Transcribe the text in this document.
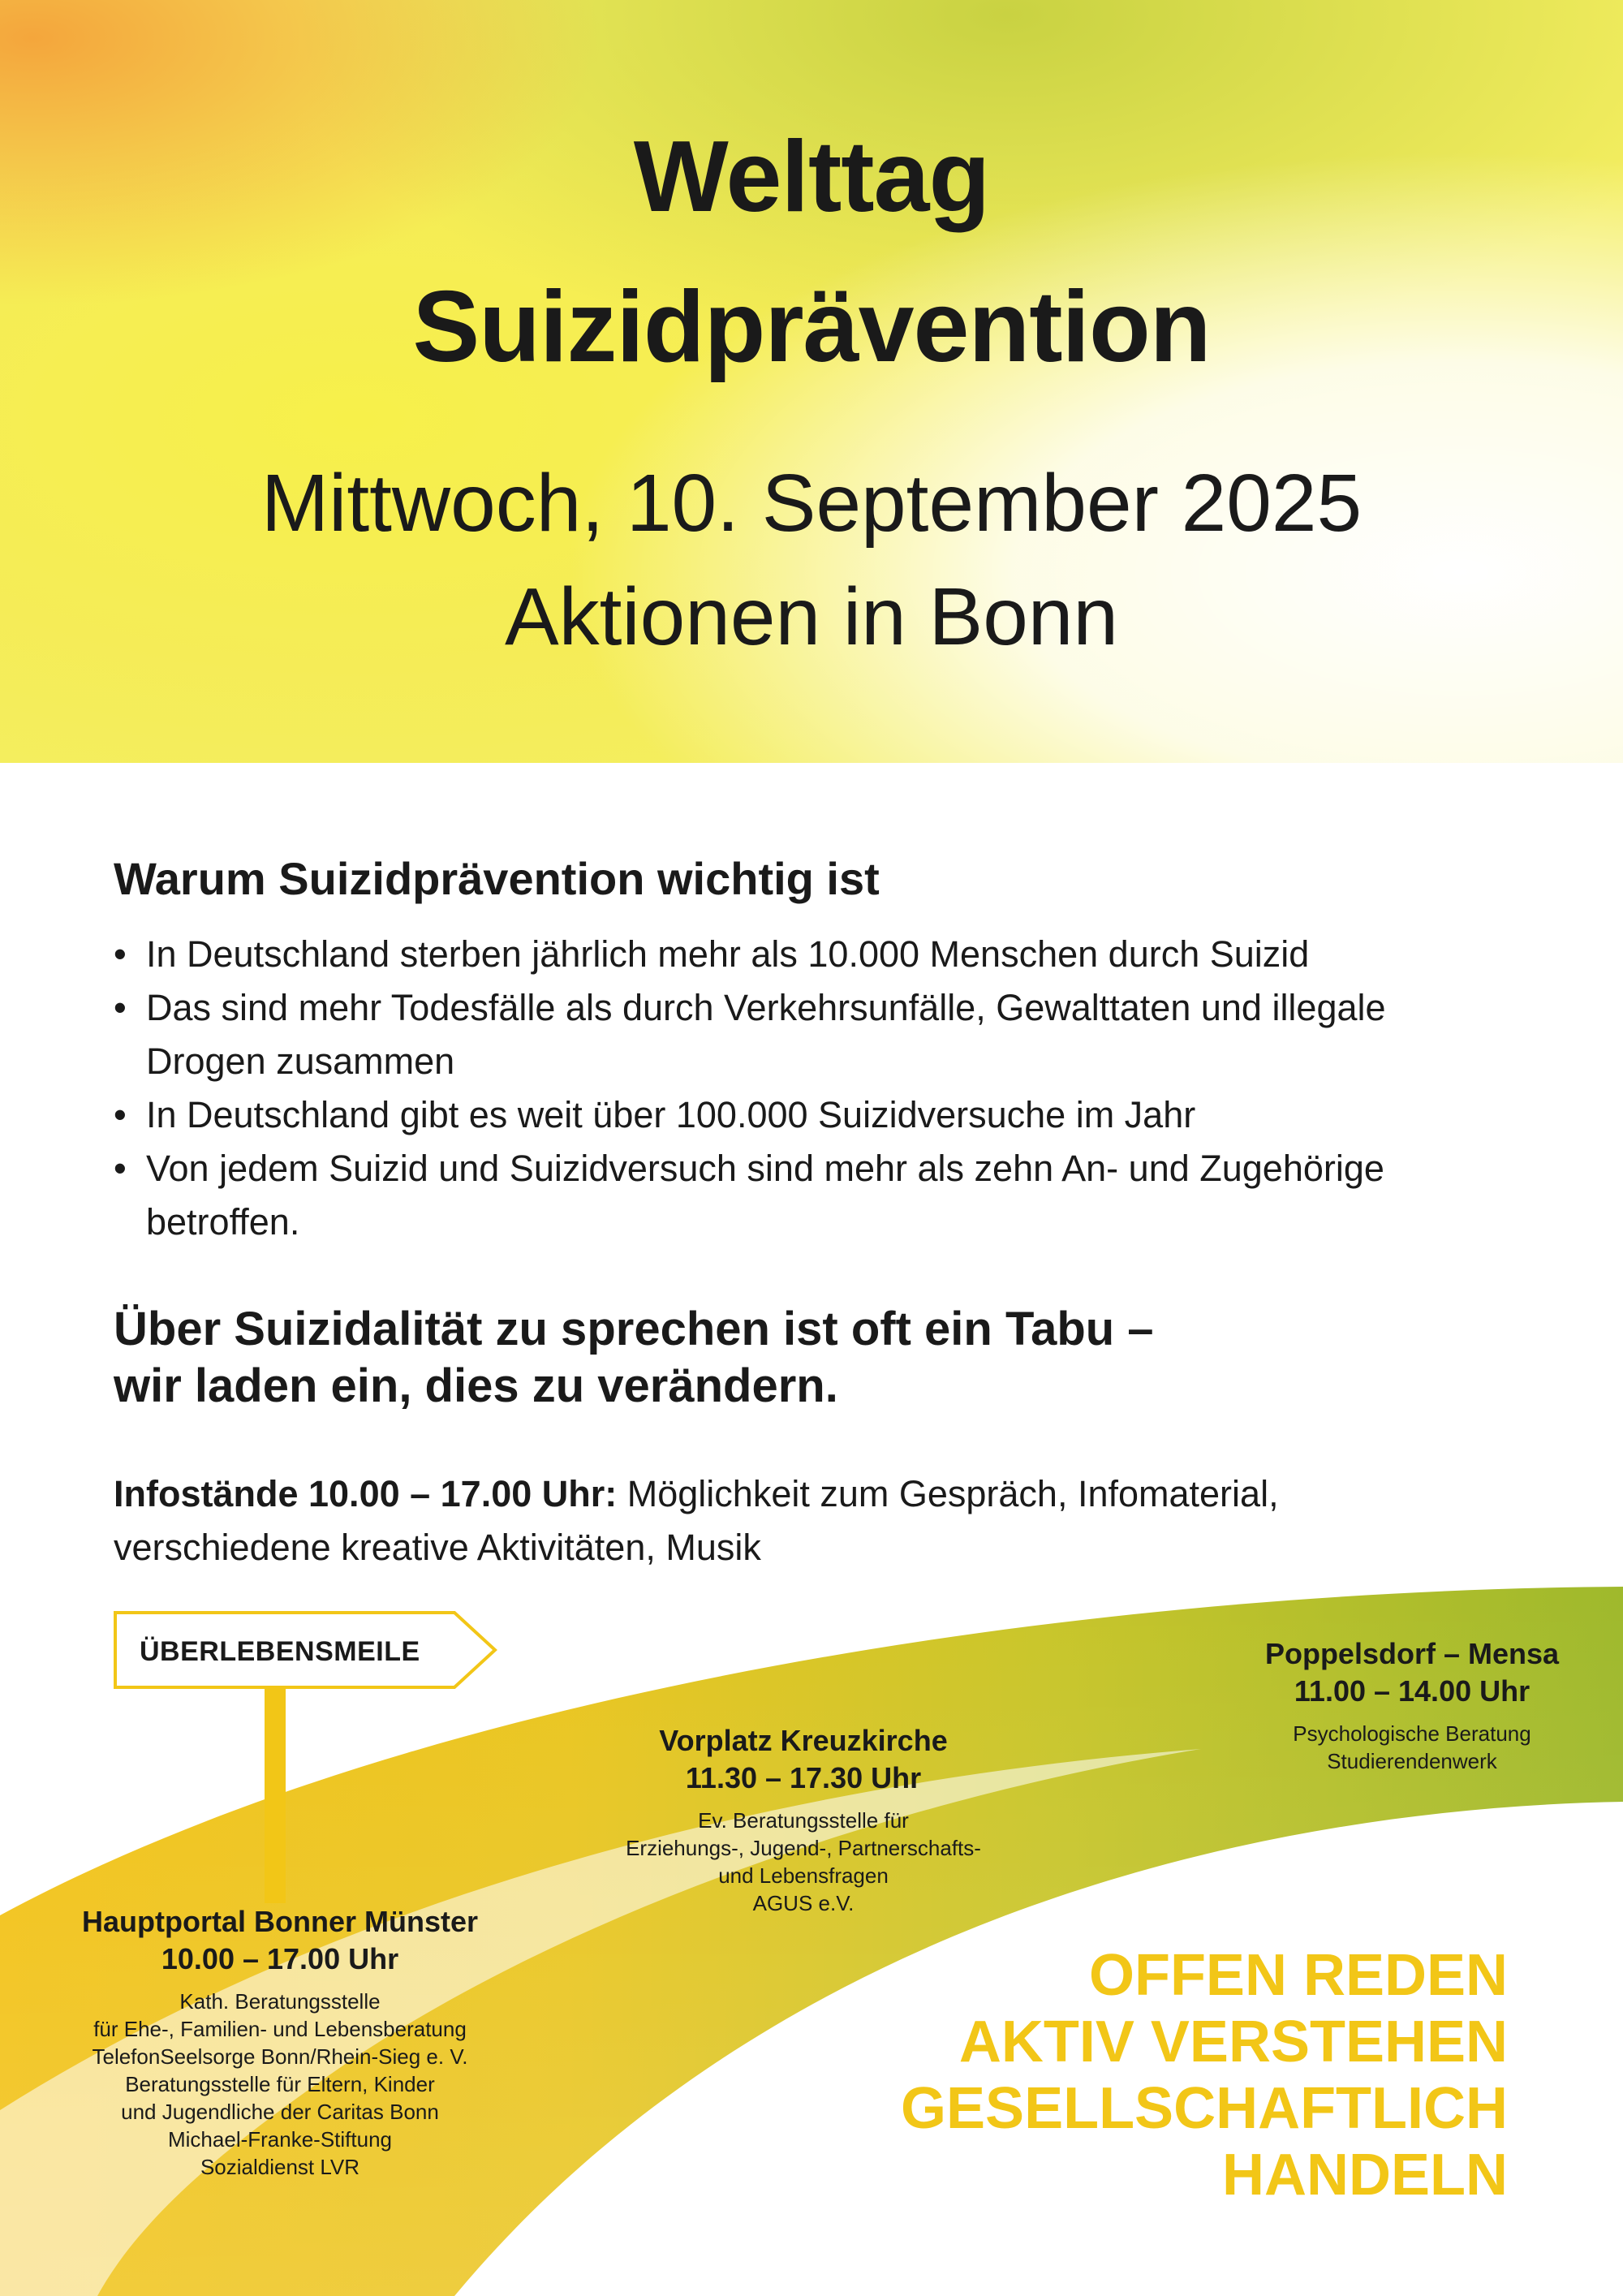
Welttag
Suizidprävention
Mittwoch, 10. September 2025
Aktionen in Bonn
Warum Suizidprävention wichtig ist
• In Deutschland sterben jährlich mehr als 10.000 Menschen durch Suizid
• Das sind mehr Todesfälle als durch Verkehrsunfälle, Gewalttaten und illegale Drogen zusammen
• In Deutschland gibt es weit über 100.000 Suizidversuche im Jahr
• Von jedem Suizid und Suizidversuch sind mehr als zehn An- und Zugehörige betroffen.
Über Suizidalität zu sprechen ist oft ein Tabu –
wir laden ein, dies zu verändern.
Infostände 10.00 – 17.00 Uhr: Möglichkeit zum Gespräch, Infomaterial, verschiedene kreative Aktivitäten, Musik
ÜBERLEBENSMEILE
Hauptportal Bonner Münster
10.00 – 17.00 Uhr
Kath. Beratungsstelle
für Ehe-, Familien- und Lebensberatung
TelefonSeelsorge Bonn/Rhein-Sieg e. V.
Beratungsstelle für Eltern, Kinder
und Jugendliche der Caritas Bonn
Michael-Franke-Stiftung
Sozialdienst LVR
Vorplatz Kreuzkirche
11.30 – 17.30 Uhr
Ev. Beratungsstelle für
Erziehungs-, Jugend-, Partnerschafts-
und Lebensfragen
AGUS e.V.
Poppelsdorf – Mensa
11.00 – 14.00 Uhr
Psychologische Beratung
Studierendenwerk
OFFEN REDEN
AKTIV VERSTEHEN
GESELLSCHAFTLICH
HANDELN
